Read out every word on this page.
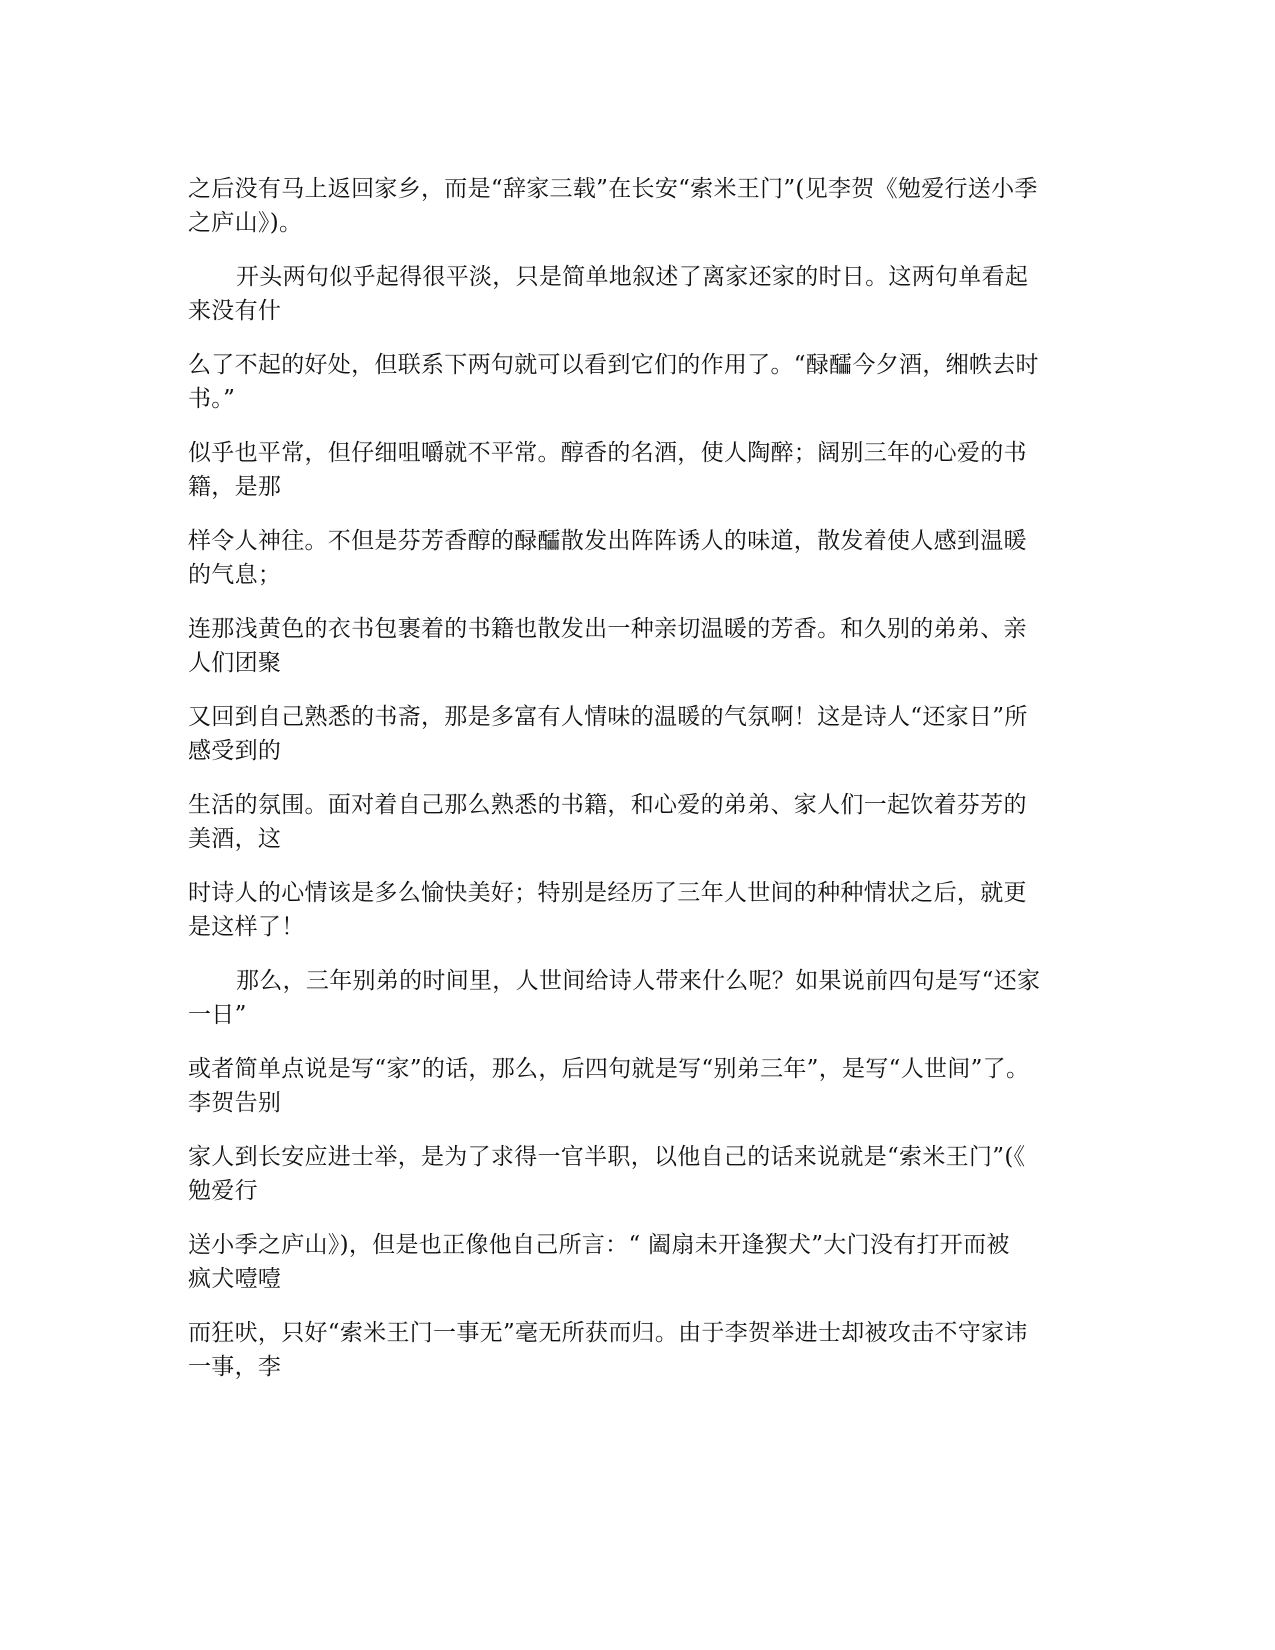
之后没有马上返回家乡，而是“辞家三载”在长安“索米王门”(见李贺《勉爱行送小季
之庐山》)。

开头两句似乎起得很平淡，只是简单地叙述了离家还家的时日。这两句单看起
来没有什

么了不起的好处，但联系下两句就可以看到它们的作用了。“醁醽今夕酒，缃帙去时
书。”

似乎也平常，但仔细咀嚼就不平常。醇香的名酒，使人陶醉；阔别三年的心爱的书
籍，是那

样令人神往。不但是芬芳香醇的醁醽散发出阵阵诱人的味道，散发着使人感到温暖
的气息；

连那浅黄色的衣书包裹着的书籍也散发出一种亲切温暖的芳香。和久别的弟弟、亲
人们团聚

又回到自己熟悉的书斋，那是多富有人情味的温暖的气氛啊！这是诗人“还家日”所
感受到的

生活的氛围。面对着自己那么熟悉的书籍，和心爱的弟弟、家人们一起饮着芬芳的
美酒，这

时诗人的心情该是多么愉快美好；特别是经历了三年人世间的种种情状之后，就更
是这样了！

那么，三年别弟的时间里，人世间给诗人带来什么呢？如果说前四句是写“还家
一日”

或者简单点说是写“家”的话，那么，后四句就是写“别弟三年”，是写“人世间”了。
李贺告别

家人到长安应进士举，是为了求得一官半职，以他自己的话来说就是“索米王门”(《
勉爱行

送小季之庐山》)，但是也正像他自己所言：“ 阖扇未开逢猰犬”大门没有打开而被
疯犬噎噎

而狂吠，只好“索米王门一事无”毫无所获而归。由于李贺举进士却被攻击不守家讳
一事，李
